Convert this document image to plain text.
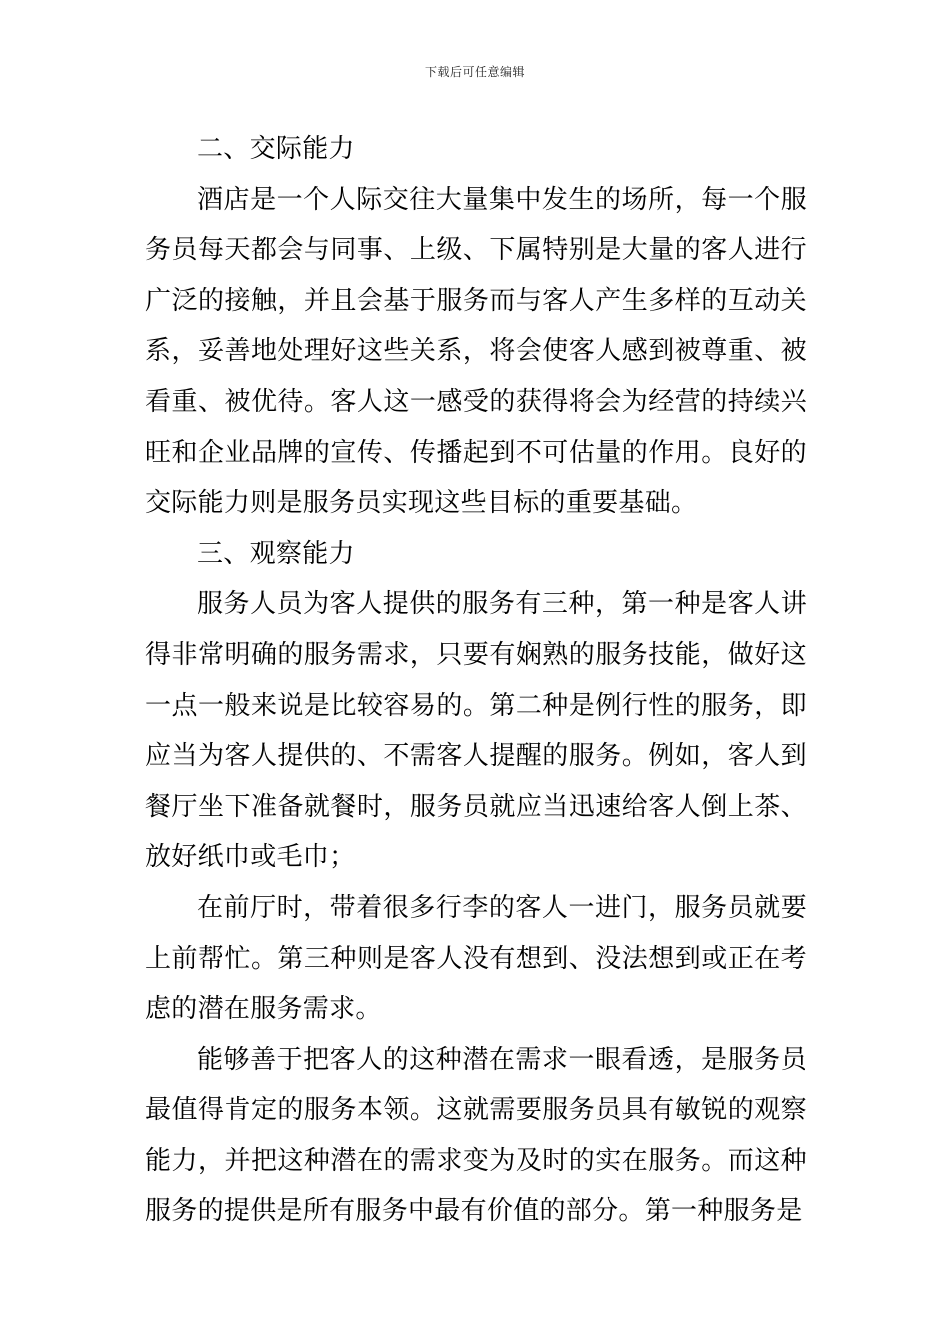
下载后可任意编辑

二、交际能力

酒店是一个人际交往大量集中发生的场所，每一个服务员每天都会与同事、上级、下属特别是大量的客人进行广泛的接触，并且会基于服务而与客人产生多样的互动关系，妥善地处理好这些关系，将会使客人感到被尊重、被看重、被优待。客人这一感受的获得将会为经营的持续兴旺和企业品牌的宣传、传播起到不可估量的作用。良好的交际能力则是服务员实现这些目标的重要基础。

三、观察能力

服务人员为客人提供的服务有三种，第一种是客人讲得非常明确的服务需求，只要有娴熟的服务技能，做好这一点一般来说是比较容易的。第二种是例行性的服务，即应当为客人提供的、不需客人提醒的服务。例如，客人到餐厅坐下准备就餐时，服务员就应当迅速给客人倒上茶、放好纸巾或毛巾；

在前厅时，带着很多行李的客人一进门，服务员就要上前帮忙。第三种则是客人没有想到、没法想到或正在考虑的潜在服务需求。

能够善于把客人的这种潜在需求一眼看透，是服务员最值得肯定的服务本领。这就需要服务员具有敏锐的观察能力，并把这种潜在的需求变为及时的实在服务。而这种服务的提供是所有服务中最有价值的部分。第一种服务是
